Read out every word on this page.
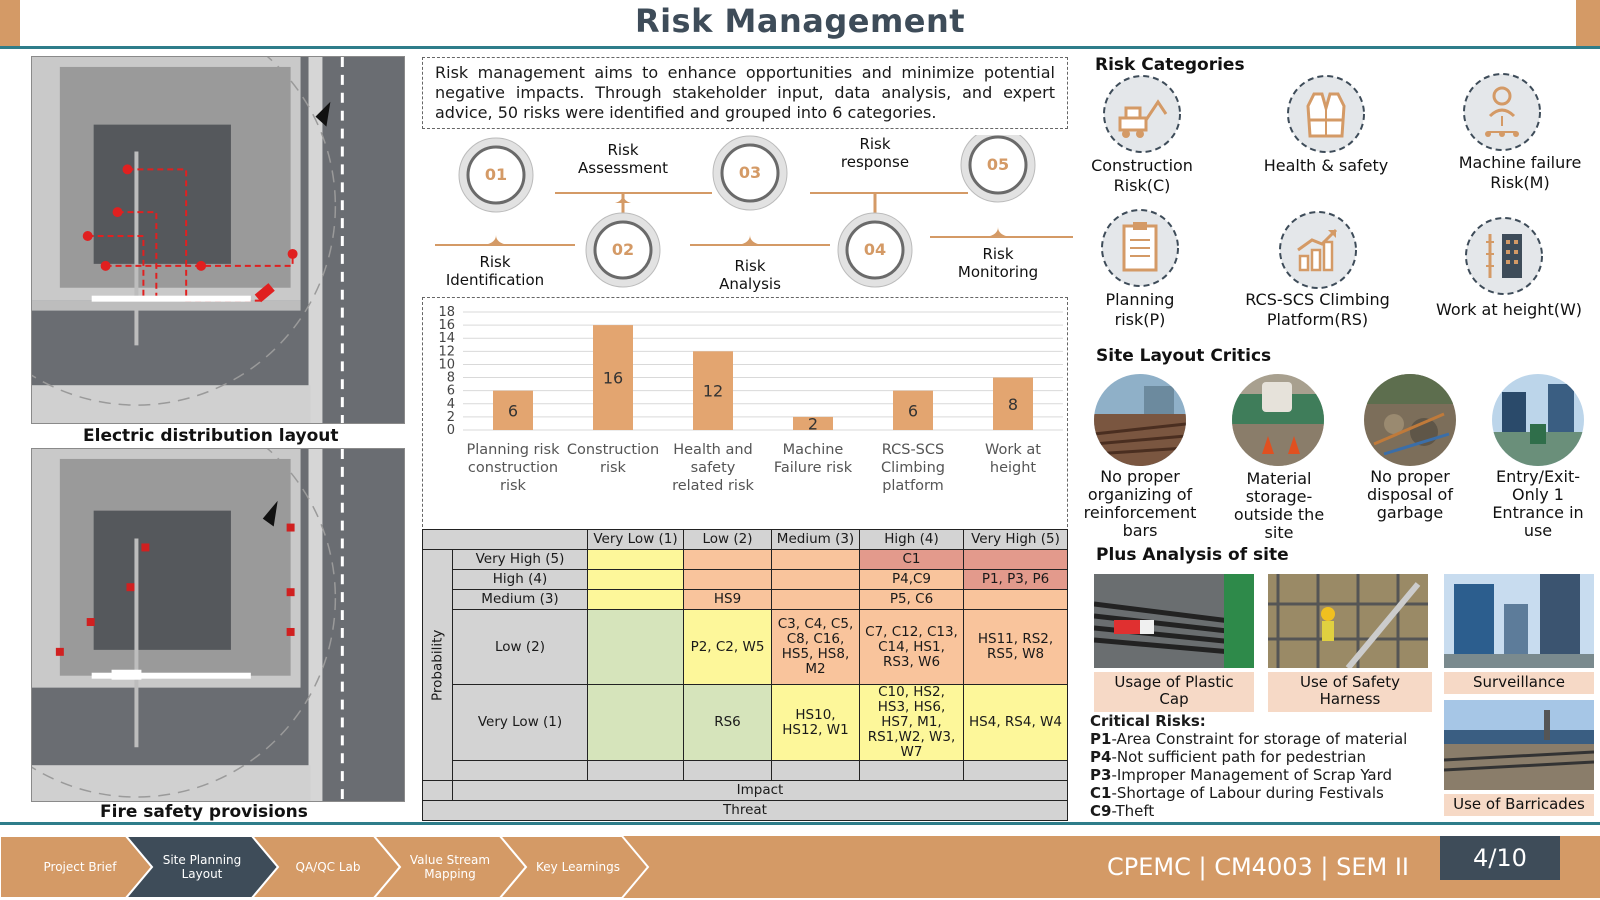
Risk Management
Electric distribution layout
Fire safety provisions
Risk management aims to enhance opportunities and minimize potential negative impacts. Through stakeholder input, data analysis, and expert advice, 50 risks were identified and grouped into 6 categories.
01
02
03
04
05
Risk Identification
Risk Assessment
Risk Analysis
Risk response
Risk Monitoring
0
2
4
6
8
10
12
14
16
18
6
Planning risk
construction
risk
16
Construction
risk
12
Health and
safety
related risk
2
Machine
Failure risk
6
RCS-SCS
Climbing
platform
8
Work at
height
		Very Low (1)	Low (2)	Medium (3)	High (4)	Very High (5)
Probability	Very High (5)				C1	
	High (4)				P4,C9	P1, P3, P6
	Medium (3)		HS9		P5, C6	
	Low (2)		P2, C2, W5	C3, C4, C5, C8, C16, HS5, HS8, M2	C7, C12, C13, C14, HS1, RS3, W6	HS11, RS2, RS5, W8
	Very Low (1)		RS6	HS10, HS12, W1	C10, HS2, HS3, HS6, HS7, M1, RS1,W2, W3, W7	HS4, RS4, W4

	Impact					
Threat						
Risk Categories
Construction Risk(C)
Health & safety	Machine failure Risk(M)
Planning risk(P)
RCS-SCS Climbing Platform(RS)
Work at height(W)
Site Layout Critics
No proper organizing of reinforcement bars
Material storage- outside the site
No proper disposal of garbage
Entry/Exit- Only 1 Entrance in use
Plus Analysis of site
Usage of Plastic Cap
Use of Safety Harness
Surveillance
Use of Barricades
Critical Risks:
P1-Area Constraint for storage of material
P4-Not sufficient path for pedestrian
P3-Improper Management of Scrap Yard
C1-Shortage of Labour during Festivals
C9-Theft
Project Brief	Site Planning Layout	QA/QC Lab	Value Stream Mapping	Key Learnings	CPEMC | CM4003 | SEM II	4/10
